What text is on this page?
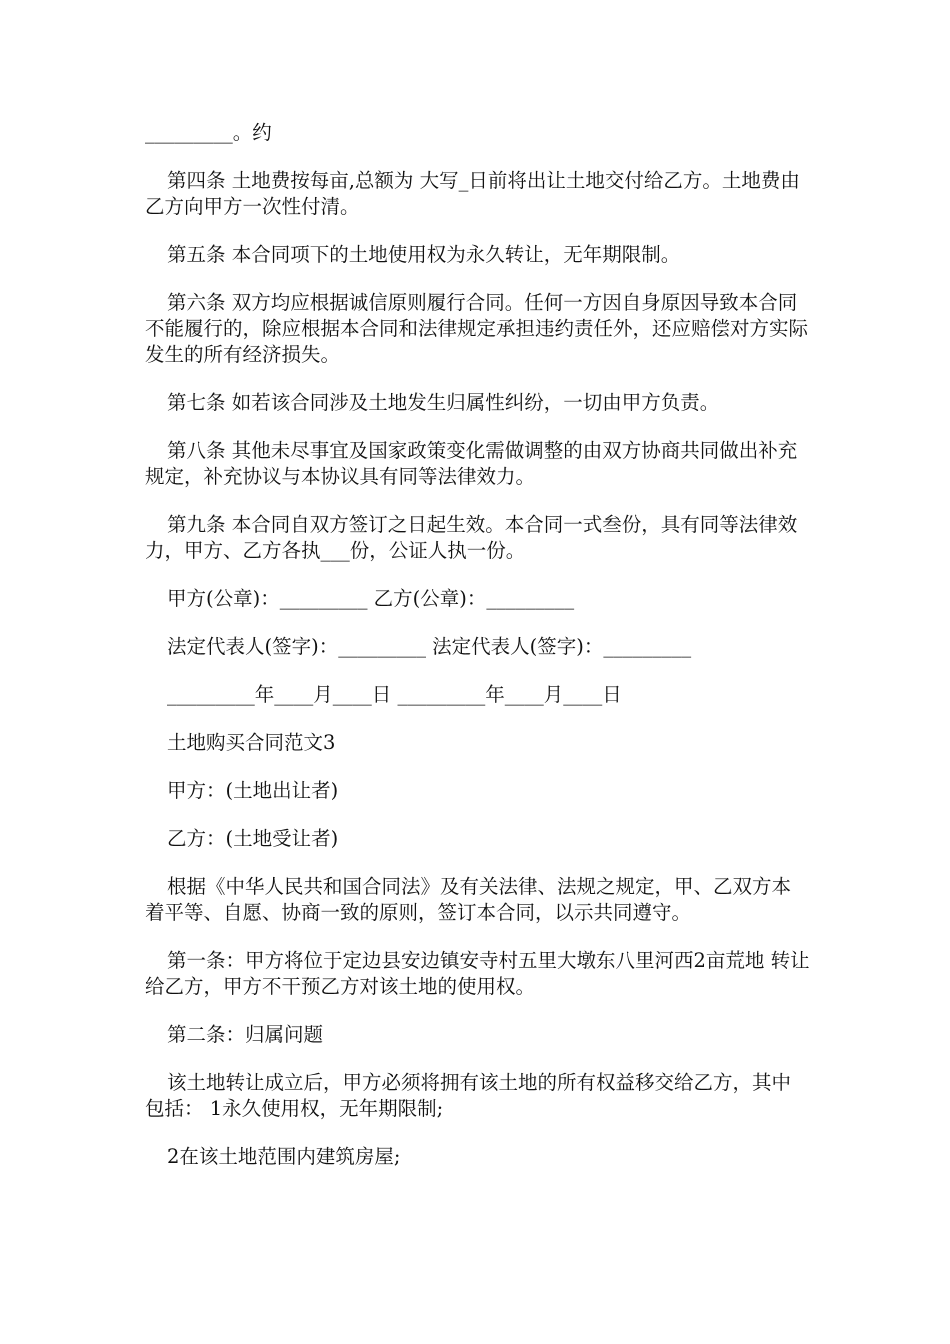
_________。约

第四条 土地费按每亩,总额为 大写_日前将出让土地交付给乙方。土地费由乙方向甲方一次性付清。

第五条 本合同项下的土地使用权为永久转让，无年期限制。

第六条 双方均应根据诚信原则履行合同。任何一方因自身原因导致本合同不能履行的，除应根据本合同和法律规定承担违约责任外，还应赔偿对方实际发生的所有经济损失。

第七条 如若该合同涉及土地发生归属性纠纷，一切由甲方负责。

第八条 其他未尽事宜及国家政策变化需做调整的由双方协商共同做出补充规定，补充协议与本协议具有同等法律效力。

第九条 本合同自双方签订之日起生效。本合同一式叁份，具有同等法律效力，甲方、乙方各执___份，公证人执一份。

甲方(公章)：_________ 乙方(公章)：_________

法定代表人(签字)：_________ 法定代表人(签字)：_________

_________年____月____日 _________年____月____日

土地购买合同范文3

甲方：(土地出让者)

乙方：(土地受让者)

根据《中华人民共和国合同法》及有关法律、法规之规定，甲、乙双方本着平等、自愿、协商一致的原则，签订本合同，以示共同遵守。

第一条：甲方将位于定边县安边镇安寺村五里大墩东八里河西2亩荒地 转让给乙方，甲方不干预乙方对该土地的使用权。

第二条：归属问题

该土地转让成立后，甲方必须将拥有该土地的所有权益移交给乙方，其中包括： 1永久使用权，无年期限制;

2在该土地范围内建筑房屋;
